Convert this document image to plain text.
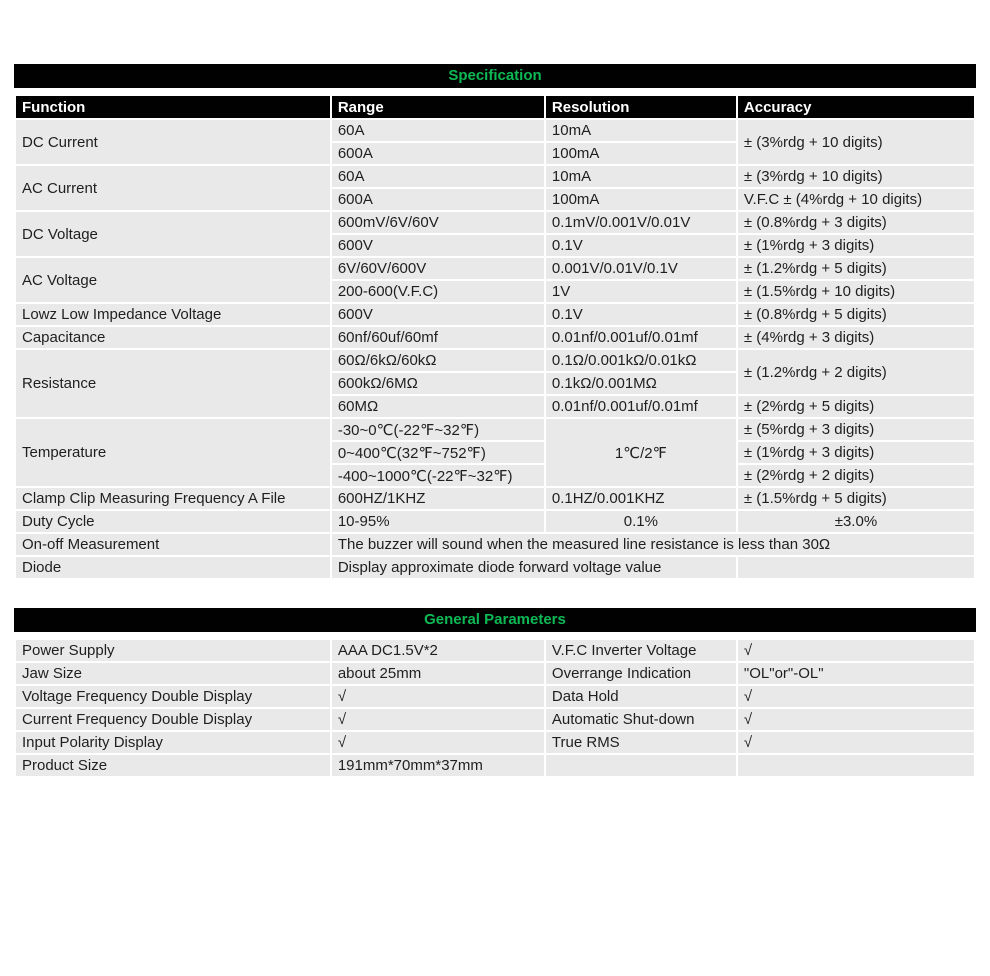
Specification
Function	Range	Resolution	Accuracy
DC Current	60A	10mA	± (3%rdg + 10 digits)
	600A	100mA	
AC Current	60A	10mA	± (3%rdg + 10 digits)
	600A	100mA	V.F.C ± (4%rdg + 10 digits)
DC Voltage	600mV/6V/60V	0.1mV/0.001V/0.01V	± (0.8%rdg + 3 digits)
	600V	0.1V	± (1%rdg + 3 digits)
AC Voltage	6V/60V/600V	0.001V/0.01V/0.1V	± (1.2%rdg + 5 digits)
	200-600(V.F.C)	1V	± (1.5%rdg + 10 digits)
Lowz Low Impedance Voltage	600V	0.1V	± (0.8%rdg + 5 digits)
Capacitance	60nf/60uf/60mf	0.01nf/0.001uf/0.01mf	± (4%rdg + 3 digits)
Resistance	60Ω/6kΩ/60kΩ	0.1Ω/0.001kΩ/0.01kΩ	± (1.2%rdg + 2 digits)
	600kΩ/6MΩ	0.1kΩ/0.001MΩ	
	60MΩ	0.01nf/0.001uf/0.01mf	± (2%rdg + 5 digits)
Temperature	-30~0℃(-22℉~32℉)	1℃/2℉	± (5%rdg + 3 digits)
	0~400℃(32℉~752℉)		± (1%rdg + 3 digits)
	-400~1000℃(-22℉~32℉)		± (2%rdg + 2 digits)
Clamp Clip Measuring Frequency A File	600HZ/1KHZ	0.1HZ/0.001KHZ	± (1.5%rdg + 5 digits)
Duty Cycle	10-95%	0.1%	±3.0%
On-off Measurement	The buzzer will sound when the measured line resistance is less than 30Ω		
Diode	Display approximate diode forward voltage value		
General Parameters
Power Supply	AAA DC1.5V*2	V.F.C Inverter Voltage	√
Jaw Size	about 25mm	Overrange Indication	"OL"or"-OL"
Voltage Frequency Double Display	√	Data Hold	√
Current Frequency Double Display	√	Automatic Shut-down	√
Input Polarity Display	√	True RMS	√
Product Size	191mm*70mm*37mm		
